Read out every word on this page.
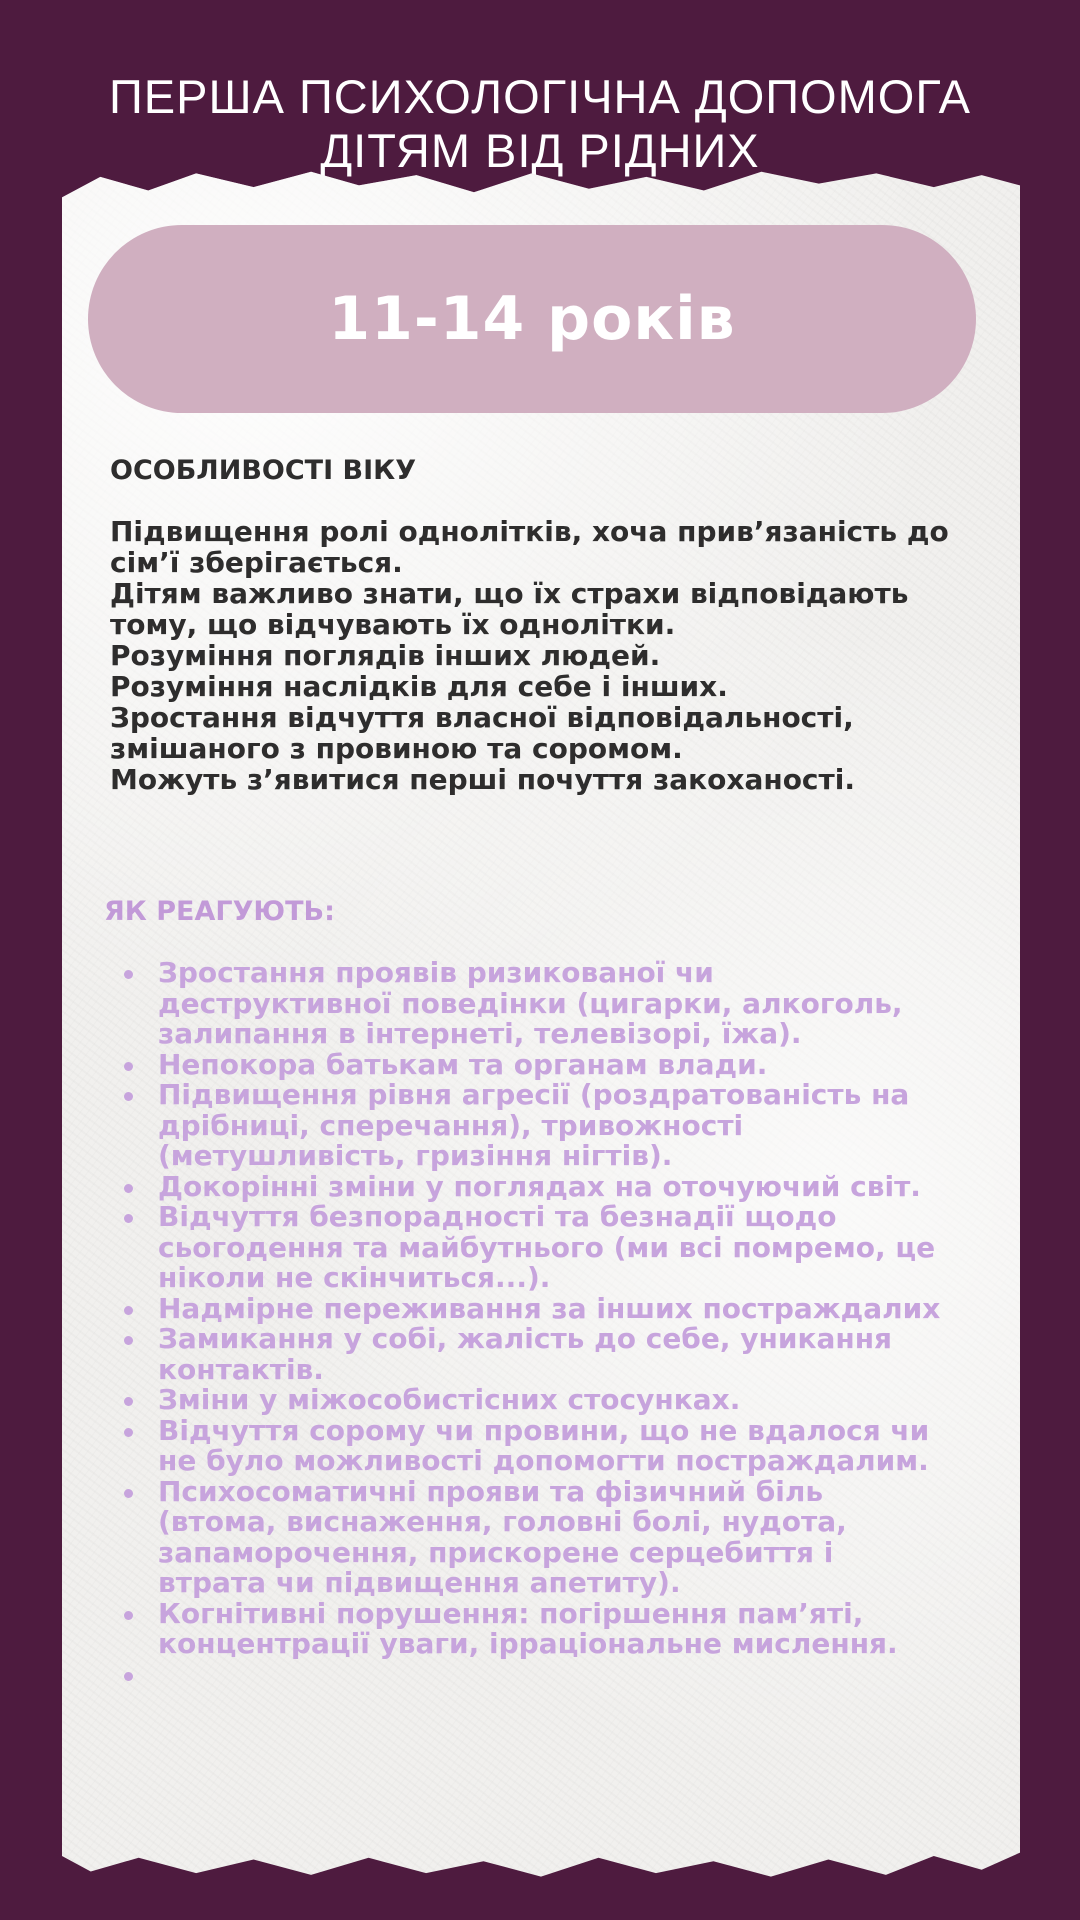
ПЕРША ПСИХОЛОГІЧНА ДОПОМОГА
ДІТЯМ ВІД РІДНИХ
11-14 років
ОСОБЛИВОСТІ ВІКУ
Підвищення ролі однолітків, хоча прив’язаність до
сім’ї зберігається.
Дітям важливо знати, що їх страхи відповідають
тому, що відчувають їх однолітки.
Розуміння поглядів інших людей.
Розуміння наслідків для себе і інших.
Зростання відчуття власної відповідальності,
змішаного з провиною та соромом.
Можуть з’явитися перші почуття закоханості.
ЯК РЕАГУЮТЬ:
Зростання проявів ризикованої чи
деструктивної поведінки (цигарки, алкоголь,
залипання в інтернеті, телевізорі, їжа).
Непокора батькам та органам влади.
Підвищення рівня агресії (роздратованість на
дрібниці, сперечання), тривожності
(метушливість, гризіння нігтів).
Докорінні зміни у поглядах на оточуючий світ.
Відчуття безпорадності та безнадії щодо
сьогодення та майбутнього (ми всі помремо, це
ніколи не скінчиться...).
Надмірне переживання за інших постраждалих
Замикання у собі, жалість до себе, уникання
контактів.
Зміни у міжособистісних стосунках.
Відчуття сорому чи провини, що не вдалося чи
не було можливості допомогти постраждалим.
Психосоматичні прояви та фізичний біль
(втома, виснаження, головні болі, нудота,
запаморочення, прискорене серцебиття і
втрата чи підвищення апетиту).
Когнітивні порушення: погіршення пам’яті,
концентрації уваги, ірраціональне мислення.
